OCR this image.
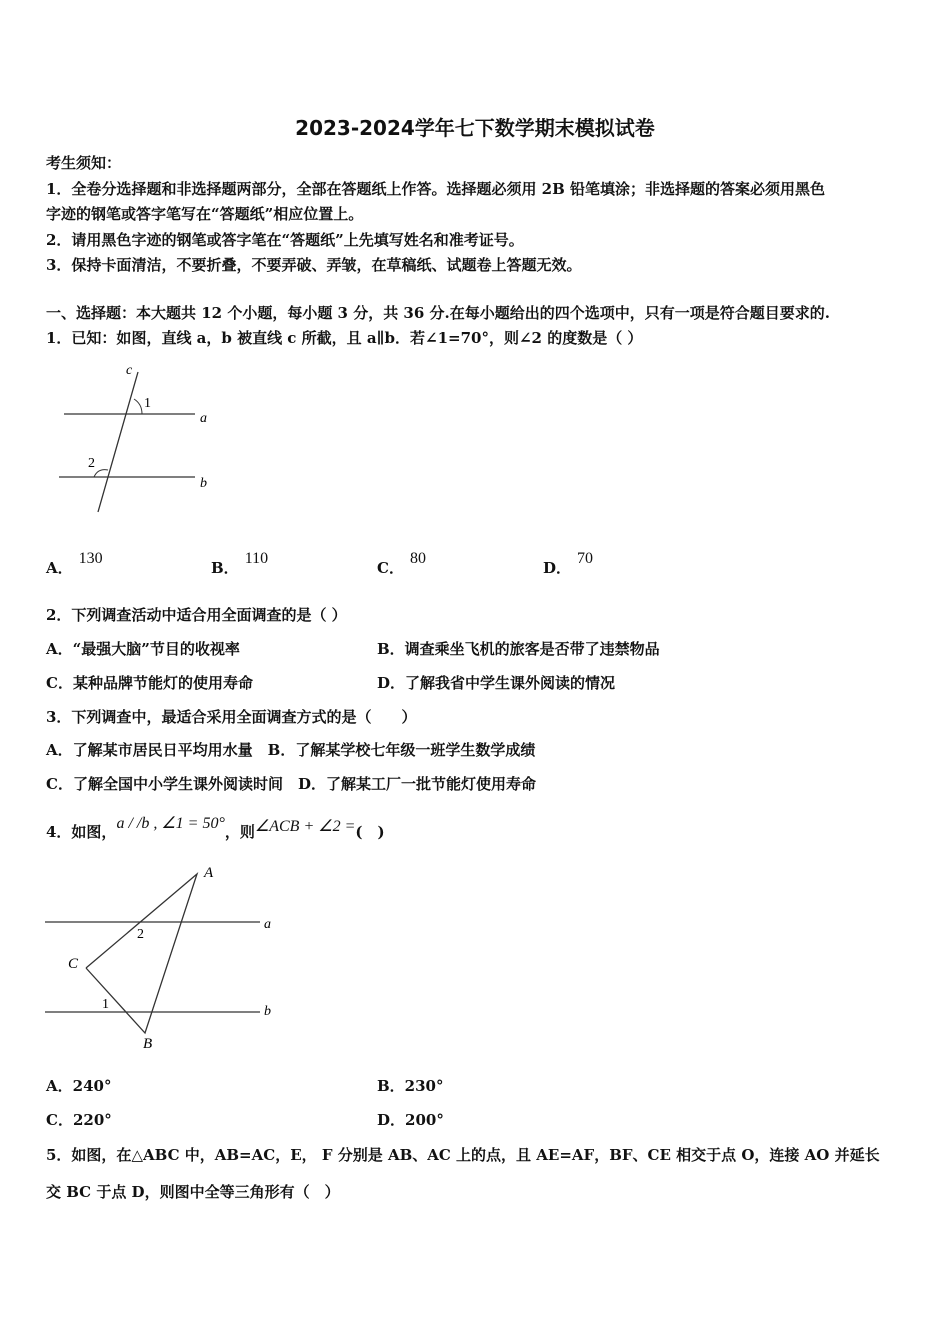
2023-2024学年七下数学期末模拟试卷
考生须知：
1．全卷分选择题和非选择题两部分，全部在答题纸上作答。选择题必须用 2B 铅笔填涂；非选择题的答案必须用黑色
字迹的钢笔或答字笔写在“答题纸”相应位置上。
2．请用黑色字迹的钢笔或答字笔在“答题纸”上先填写姓名和准考证号。
3．保持卡面清洁，不要折叠，不要弄破、弄皱，在草稿纸、试题卷上答题无效。
一、选择题：本大题共 12 个小题，每小题 3 分，共 36 分.在每小题给出的四个选项中，只有一项是符合题目要求的.
1．已知：如图，直线 a，b 被直线 c 所截，且 a∥b．若∠1=70°，则∠2 的度数是（ ）
c
a
b
1
2
A．130
B．110
C．80
D．70
2．下列调查活动中适合用全面调查的是（ ）
A．“最强大脑”节目的收视率	B．调查乘坐飞机的旅客是否带了违禁物品
C．某种品牌节能灯的使用寿命	D．了解我省中学生课外阅读的情况
3．下列调查中，最适合采用全面调查方式的是（　　）
A．了解某市居民日平均用水量　B．了解某学校七年级一班学生数学成绩
C．了解全国中小学生课外阅读时间　D．了解某工厂一批节能灯使用寿命
4．如图，a / /b , ∠1 = 50°，则∠ACB + ∠2 =(　)
A
B
C
a
b
1
2
A．240°	B．230°
C．220°	D．200°
5．如图，在△ABC 中，AB=AC，E， F 分别是 AB、AC 上的点，且 AE=AF，BF、CE 相交于点 O，连接 AO 并延长
交 BC 于点 D，则图中全等三角形有（　）
